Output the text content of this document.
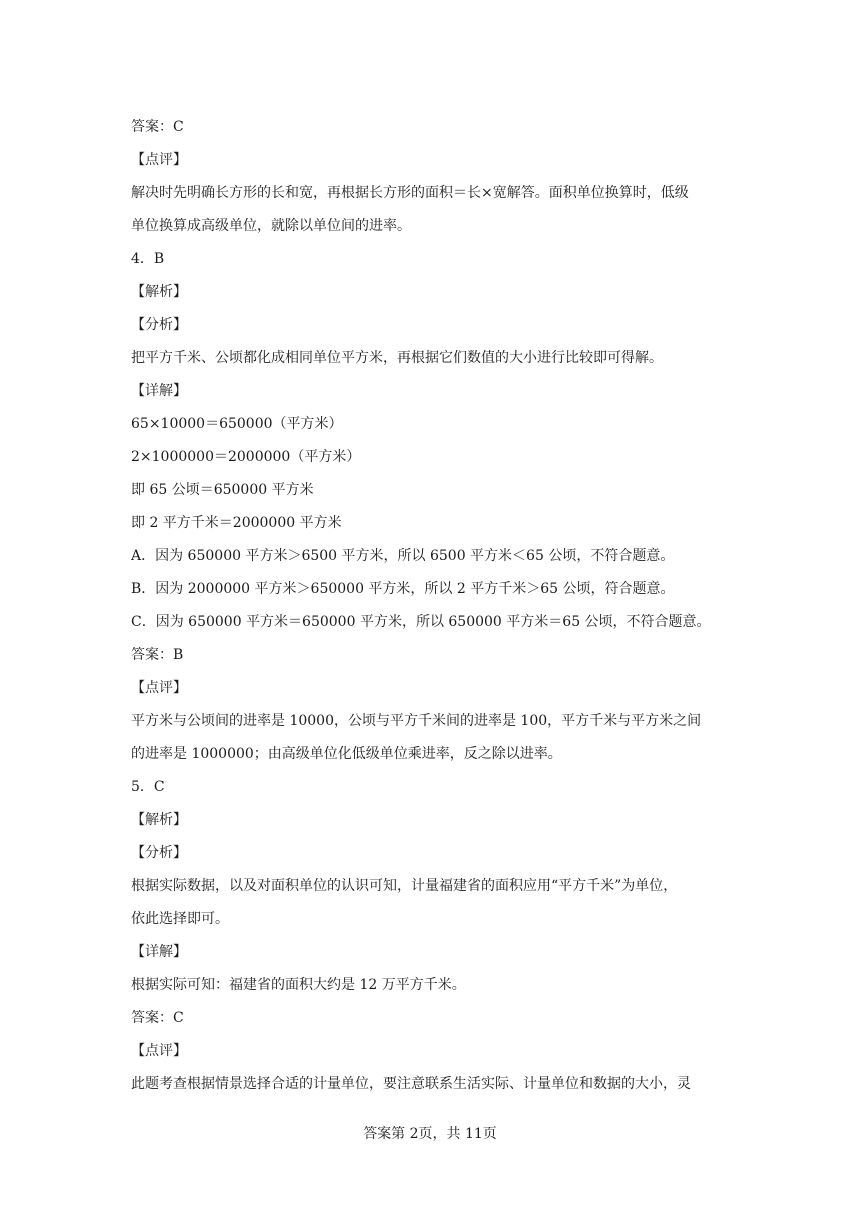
答案：C
【点评】
解决时先明确长方形的长和宽，再根据长方形的面积＝长×宽解答。面积单位换算时，低级
单位换算成高级单位，就除以单位间的进率。
4．B
【解析】
【分析】
把平方千米、公顷都化成相同单位平方米，再根据它们数值的大小进行比较即可得解。
【详解】
65×10000＝650000（平方米）
2×1000000＝2000000（平方米）
即 65 公顷＝650000 平方米
即 2 平方千米＝2000000 平方米
A．因为 650000 平方米＞6500 平方米，所以 6500 平方米＜65 公顷，不符合题意。
B．因为 2000000 平方米＞650000 平方米，所以 2 平方千米＞65 公顷，符合题意。
C．因为 650000 平方米＝650000 平方米，所以 650000 平方米＝65 公顷，不符合题意。
答案：B
【点评】
平方米与公顷间的进率是 10000，公顷与平方千米间的进率是 100，平方千米与平方米之间
的进率是 1000000；由高级单位化低级单位乘进率，反之除以进率。
5．C
【解析】
【分析】
根据实际数据，以及对面积单位的认识可知，计量福建省的面积应用“平方千米”为单位，
依此选择即可。
【详解】
根据实际可知：福建省的面积大约是 12 万平方千米。
答案：C
【点评】
此题考查根据情景选择合适的计量单位，要注意联系生活实际、计量单位和数据的大小，灵
答案第 2页，共 11页
